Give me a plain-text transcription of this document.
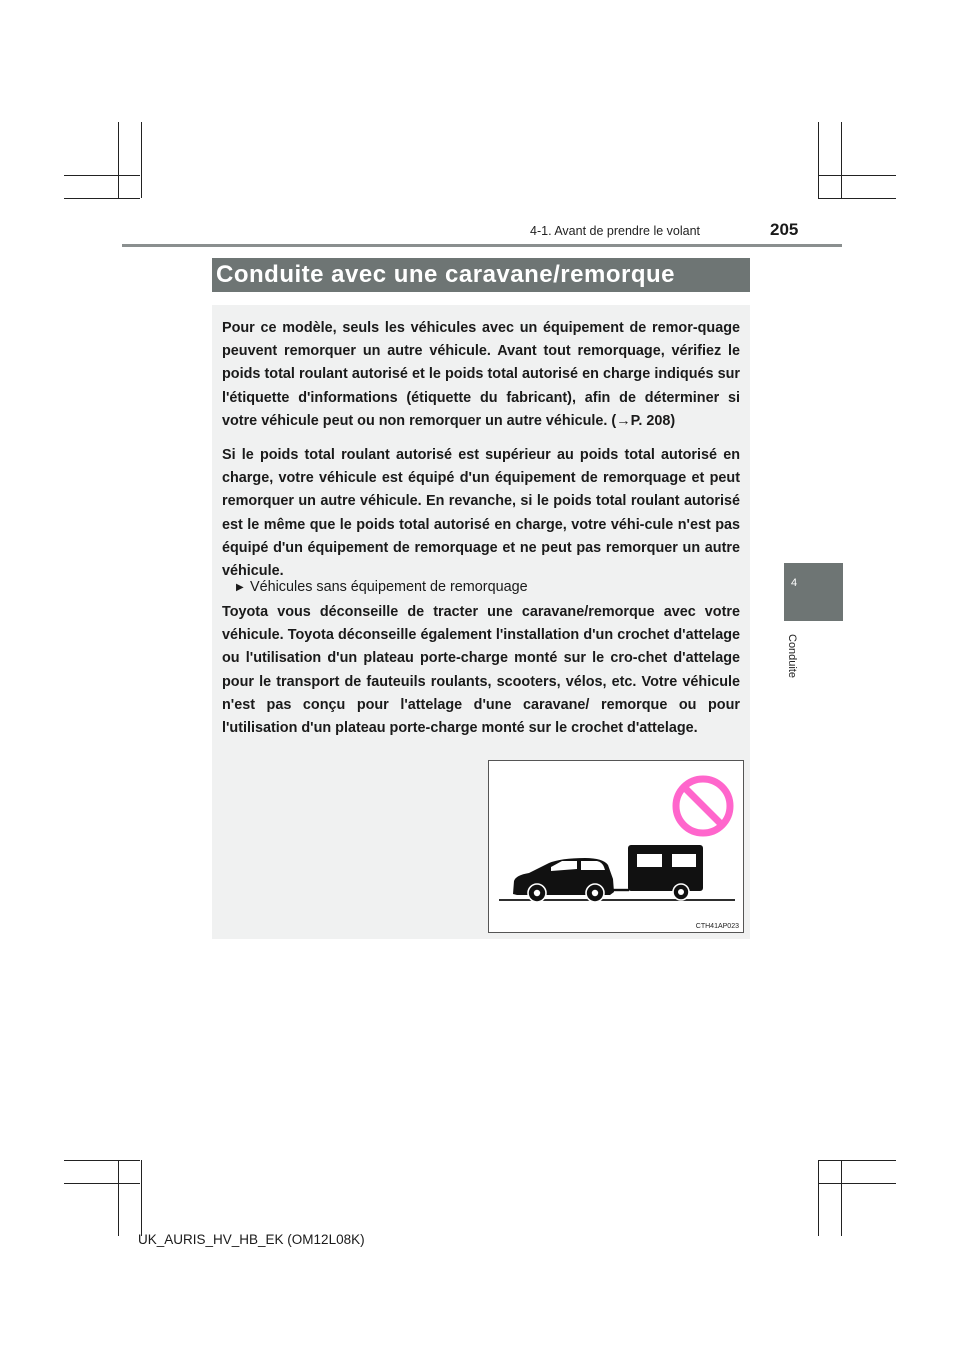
4-1. Avant de prendre le volant	205
4
Conduite
Conduite avec une caravane/remorque

Pour ce modèle, seuls les véhicules avec un équipement de remor-quage peuvent remorquer un autre véhicule. Avant tout remorquage, vérifiez le poids total roulant autorisé et le poids total autorisé en charge indiqués sur l'étiquette d'informations (étiquette du fabricant), afin de déterminer si votre véhicule peut ou non remorquer un autre véhicule. (→P. 208)

Si le poids total roulant autorisé est supérieur au poids total autorisé en charge, votre véhicule est équipé d'un équipement de remorquage et peut remorquer un autre véhicule. En revanche, si le poids total roulant autorisé est le même que le poids total autorisé en charge, votre véhi-cule n'est pas équipé d'un équipement de remorquage et ne peut pas remorquer un autre véhicule.

▶ Véhicules sans équipement de remorquage

Toyota vous déconseille de tracter une caravane/remorque avec votre véhicule. Toyota déconseille également l'installation d'un crochet d'attelage ou l'utilisation d'un plateau porte-charge monté sur le cro-chet d'attelage pour le transport de fauteuils roulants, scooters, vélos, etc. Votre véhicule n'est pas conçu pour l'attelage d'une caravane/ remorque ou pour l'utilisation d'un plateau porte-charge monté sur le crochet d'attelage.

CTH41AP023
UK_AURIS_HV_HB_EK (OM12L08K)
